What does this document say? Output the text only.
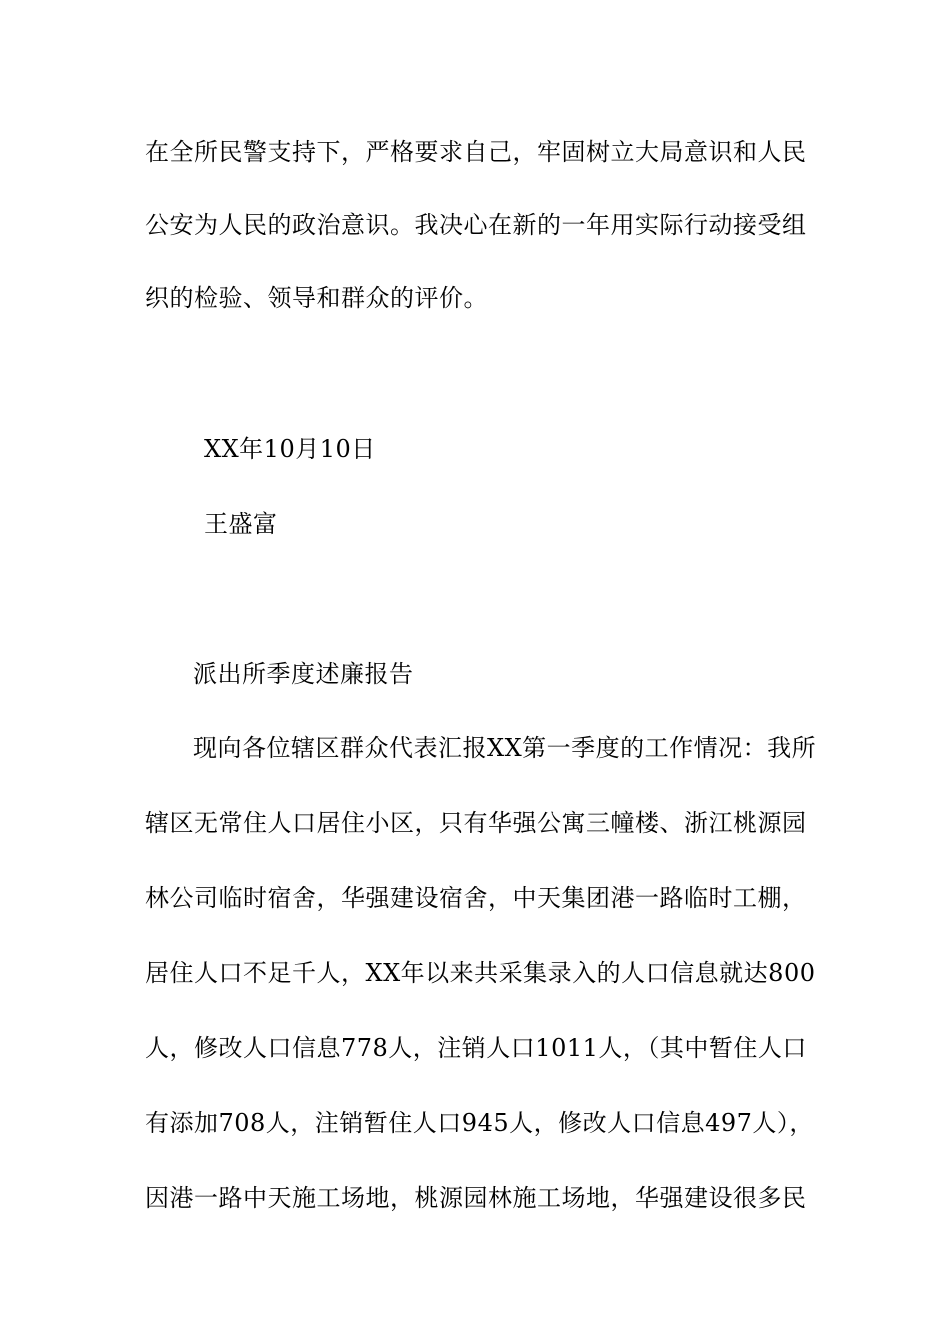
在全所民警支持下，严格要求自己，牢固树立大局意识和人民
公安为人民的政治意识。我决心在新的一年用实际行动接受组
织的检验、领导和群众的评价。
XX年10月10日
王盛富
派出所季度述廉报告
现向各位辖区群众代表汇报XX第一季度的工作情况：我所
辖区无常住人口居住小区，只有华强公寓三幢楼、浙江桃源园
林公司临时宿舍，华强建设宿舍，中天集团港一路临时工棚，
居住人口不足千人，XX年以来共采集录入的人口信息就达800
人，修改人口信息778人，注销人口1011人，（其中暂住人口
有添加708人，注销暂住人口945人，修改人口信息497人），
因港一路中天施工场地，桃源园林施工场地，华强建设很多民
